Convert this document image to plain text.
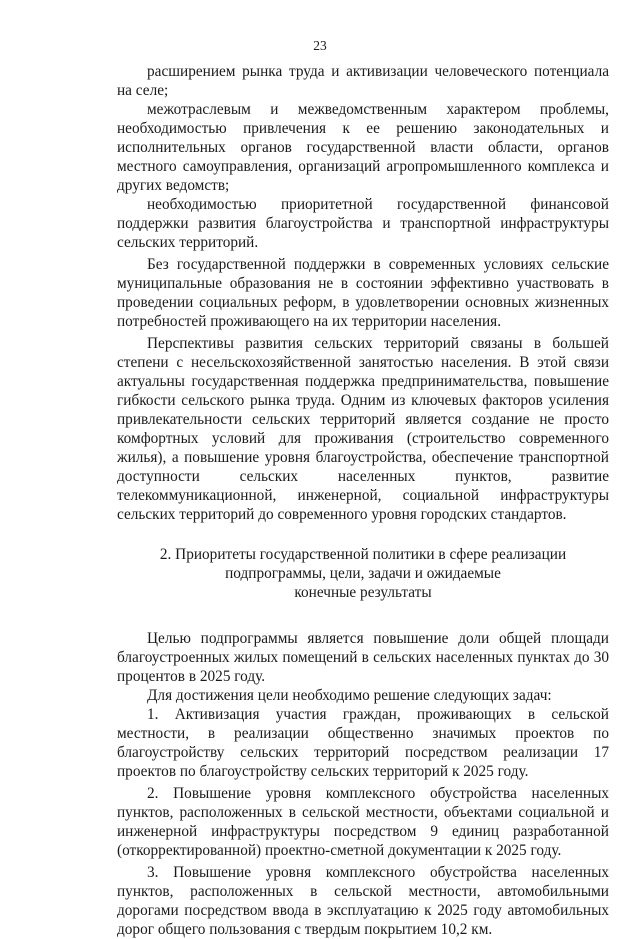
23

расширением рынка труда и активизации человеческого потенциала на селе;

межотраслевым и межведомственным характером проблемы, необходимостью привлечения к ее решению законодательных и исполнительных органов государственной власти области, органов местного самоуправления, организаций агропромышленного комплекса и других ведомств;

необходимостью приоритетной государственной финансовой поддержки развития благоустройства и транспортной инфраструктуры сельских территорий.

Без государственной поддержки в современных условиях сельские муниципальные образования не в состоянии эффективно участвовать в проведении социальных реформ, в удовлетворении основных жизненных потребностей проживающего на их территории населения.

Перспективы развития сельских территорий связаны в большей степени с несельскохозяйственной занятостью населения. В этой связи актуальны государственная поддержка предпринимательства, повышение гибкости сельского рынка труда. Одним из ключевых факторов усиления привлекательности сельских территорий является создание не просто комфортных условий для проживания (строительство современного жилья), а повышение уровня благоустройства, обеспечение транспортной доступности сельских населенных пунктов, развитие телекоммуникационной, инженерной, социальной инфраструктуры сельских территорий до современного уровня городских стандартов.

2. Приоритеты государственной политики в сфере реализации
подпрограммы, цели, задачи и ожидаемые
конечные результаты

Целью подпрограммы является повышение доли общей площади благоустроенных жилых помещений в сельских населенных пунктах до 30 процентов в 2025 году.

Для достижения цели необходимо решение следующих задач:

1. Активизация участия граждан, проживающих в сельской местности, в реализации общественно значимых проектов по благоустройству сельских территорий посредством реализации 17 проектов по благоустройству сельских территорий к 2025 году.

2. Повышение уровня комплексного обустройства населенных пунктов, расположенных в сельской местности, объектами социальной и инженерной инфраструктуры посредством 9 единиц разработанной (откорректированной) проектно-сметной документации к 2025 году.

3. Повышение уровня комплексного обустройства населенных пунктов, расположенных в сельской местности, автомобильными дорогами посредством ввода в эксплуатацию к 2025 году автомобильных дорог общего пользования с твердым покрытием 10,2 км.
